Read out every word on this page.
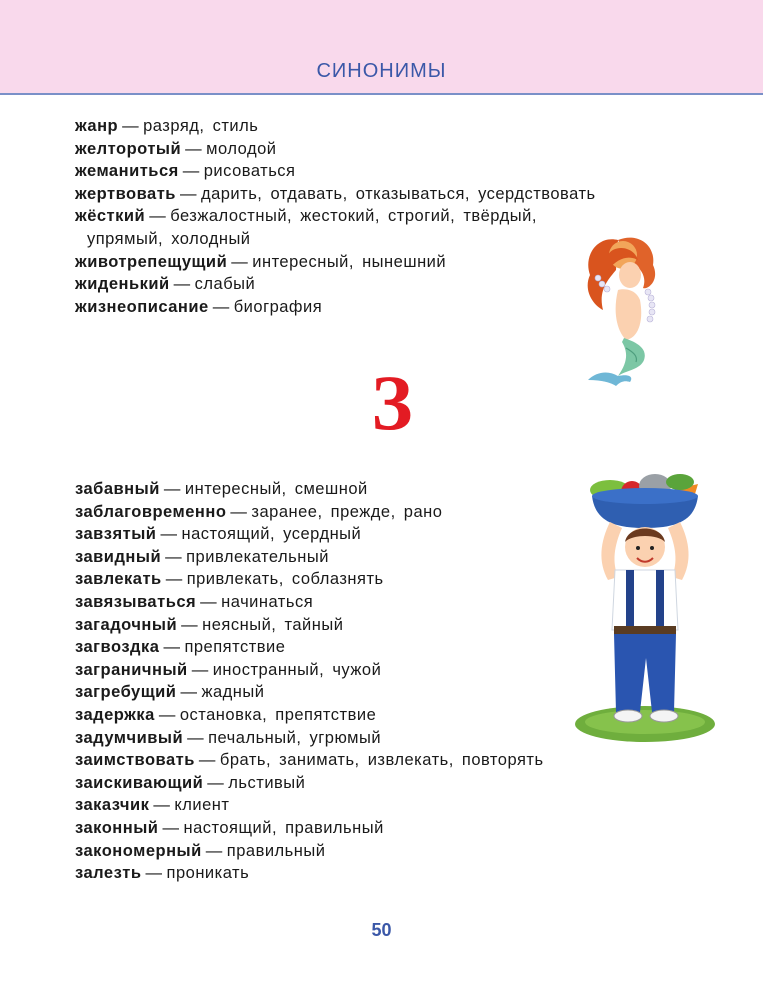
СИНОНИМЫ
жанр — разряд, стиль
желторотый — молодой
жеманиться — рисоваться
жертвовать — дарить, отдавать, отказываться, усердствовать
жёсткий — безжалостный, жестокий, строгий, твёрдый,
упрямый, холодный
животрепещущий — интересный, нынешний
жиденький — слабый
жизнеописание — биография
З
забавный — интересный, смешной
заблаговременно — заранее, прежде, рано
завзятый — настоящий, усердный
завидный — привлекательный
завлекать — привлекать, соблазнять
завязываться — начинаться
загадочный — неясный, тайный
загвоздка — препятствие
заграничный — иностранный, чужой
загребущий — жадный
задержка — остановка, препятствие
задумчивый — печальный, угрюмый
заимствовать — брать, занимать, извлекать, повторять
заискивающий — льстивый
заказчик — клиент
законный — настоящий, правильный
закономерный — правильный
залезть — проникать
50
